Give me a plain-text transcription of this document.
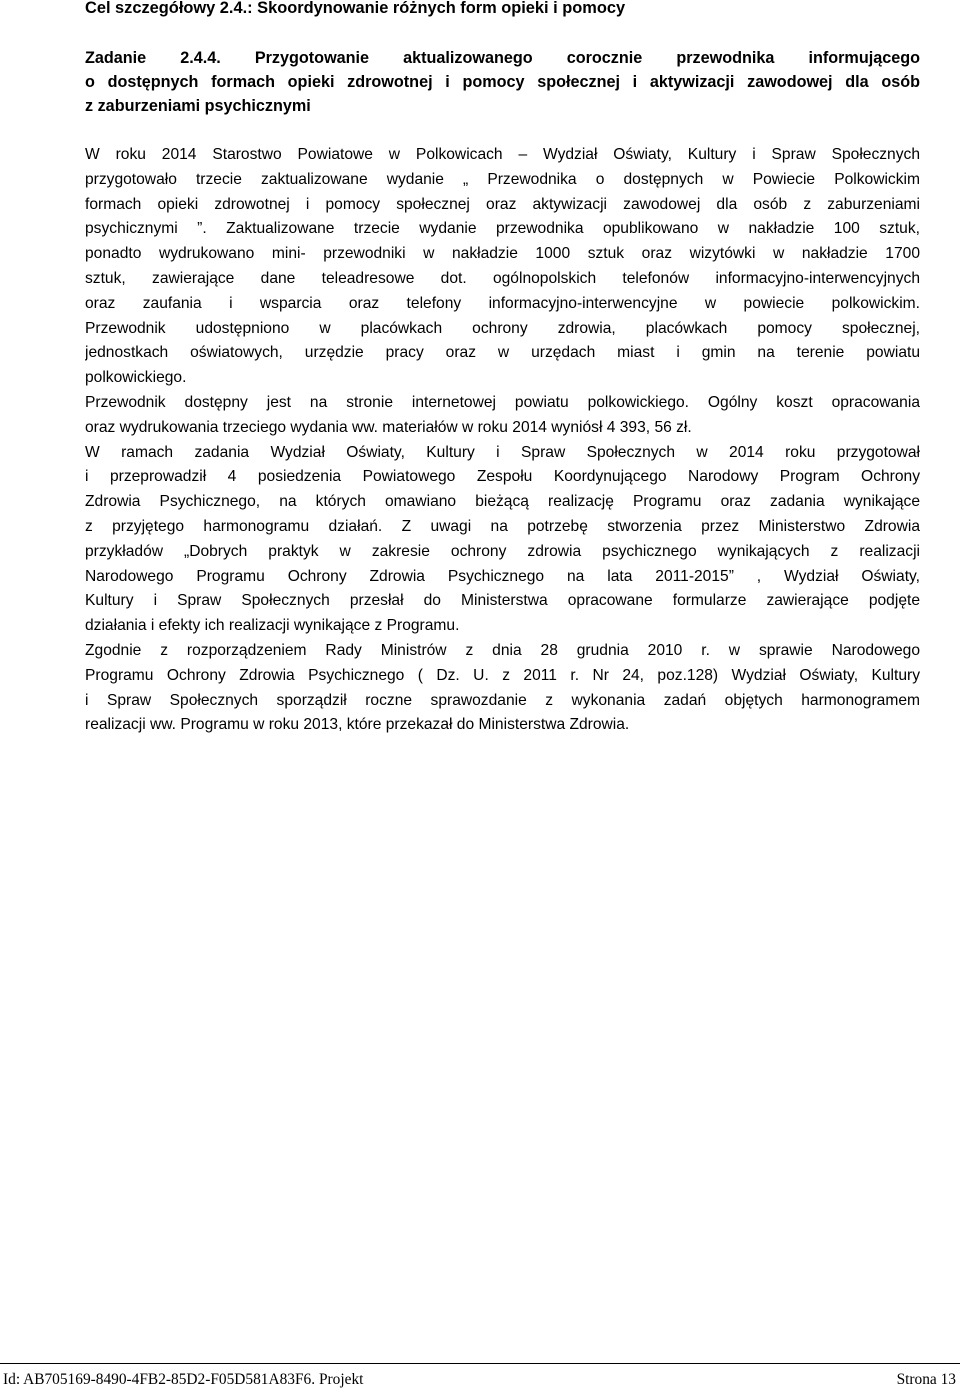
Cel szczegółowy 2.4.: Skoordynowanie różnych form opieki i pomocy
Zadanie 2.4.4. Przygotowanie aktualizowanego corocznie przewodnika informującego
o dostępnych formach opieki zdrowotnej i pomocy społecznej i aktywizacji zawodowej dla osób
z zaburzeniami psychicznymi
W roku 2014 Starostwo Powiatowe w Polkowicach – Wydział Oświaty, Kultury i Spraw Społecznych
przygotowało trzecie zaktualizowane wydanie „ Przewodnika o dostępnych w Powiecie Polkowickim
formach opieki zdrowotnej i pomocy społecznej oraz aktywizacji zawodowej dla osób z zaburzeniami
psychicznymi ”. Zaktualizowane trzecie wydanie przewodnika opublikowano w nakładzie 100 sztuk,
ponadto wydrukowano mini- przewodniki w nakładzie 1000 sztuk oraz wizytówki w nakładzie 1700
sztuk, zawierające dane teleadresowe dot. ogólnopolskich telefonów informacyjno-interwencyjnych
oraz zaufania i wsparcia oraz telefony informacyjno-interwencyjne w powiecie polkowickim.
Przewodnik udostępniono w placówkach ochrony zdrowia, placówkach pomocy społecznej,
jednostkach oświatowych, urzędzie pracy oraz w urzędach miast i gmin na terenie powiatu
polkowickiego.
Przewodnik dostępny jest na stronie internetowej powiatu polkowickiego. Ogólny koszt opracowania
oraz wydrukowania trzeciego wydania ww. materiałów w roku 2014 wyniósł 4 393, 56 zł.
W ramach zadania Wydział Oświaty, Kultury i Spraw Społecznych w 2014 roku przygotował
i przeprowadził 4 posiedzenia Powiatowego Zespołu Koordynującego Narodowy Program Ochrony
Zdrowia Psychicznego, na których omawiano bieżącą realizację Programu oraz zadania wynikające
z przyjętego harmonogramu działań. Z uwagi na potrzebę stworzenia przez Ministerstwo Zdrowia
przykładów „Dobrych praktyk w zakresie ochrony zdrowia psychicznego wynikających z realizacji
Narodowego Programu Ochrony Zdrowia Psychicznego na lata 2011-2015” , Wydział Oświaty,
Kultury i Spraw Społecznych przesłał do Ministerstwa opracowane formularze zawierające podjęte
działania i efekty ich realizacji wynikające z Programu.
Zgodnie z rozporządzeniem Rady Ministrów z dnia 28 grudnia 2010 r. w sprawie Narodowego
Programu Ochrony Zdrowia Psychicznego ( Dz. U. z 2011 r. Nr 24, poz.128) Wydział Oświaty, Kultury
i Spraw Społecznych sporządził roczne sprawozdanie z wykonania zadań objętych harmonogramem
realizacji ww. Programu w roku 2013, które przekazał do Ministerstwa Zdrowia.
Id: AB705169-8490-4FB2-85D2-F05D581A83F6. Projekt	Strona 13
